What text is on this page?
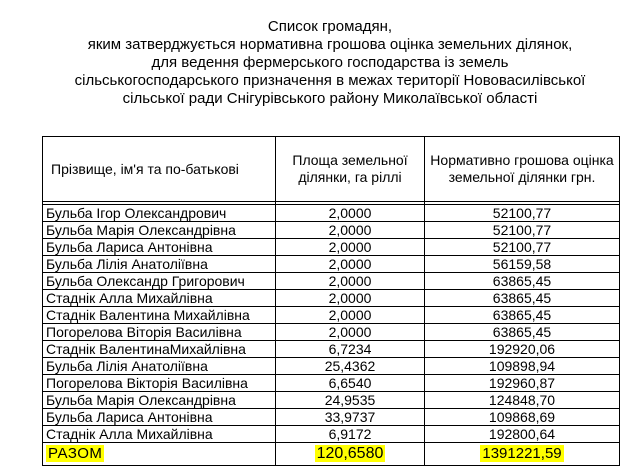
Список громадян,
яким затверджується нормативна грошова оцінка земельних ділянок,
для ведення фермерського господарства із земель
сільськогосподарського призначення в межах території Нововасилівської
сільської ради Снігурівського району Миколаївської області
Прізвище, ім'я та по-батькові	Площа земельної ділянки, га ріллі	Нормативно грошова оцінка земельної ділянки грн.

Бульба Ігор Олександрович	2,0000	52100,77
Бульба Марія Олександрівна	2,0000	52100,77
Бульба Лариса Антонівна	2,0000	52100,77
Бульба Лілія Анатоліївна	2,0000	56159,58
Бульба Олександр Григорович	2,0000	63865,45
Стаднік Алла Михайлівна	2,0000	63865,45
Стаднік Валентина Михайлівна	2,0000	63865,45
Погорелова Віторія Василівна	2,0000	63865,45
Стаднік ВалентинаМихайлівна	6,7234	192920,06
Бульба Лілія Анатоліївна	25,4362	109898,94
Погорелова Вікторія Василівна	6,6540	192960,87
Бульба Марія Олександрівна	24,9535	124848,70
Бульба Лариса Антонівна	33,9737	109868,69
Стаднік Алла Михайлівна	6,9172	192800,64
РАЗОМ	120,6580	1391221,59
